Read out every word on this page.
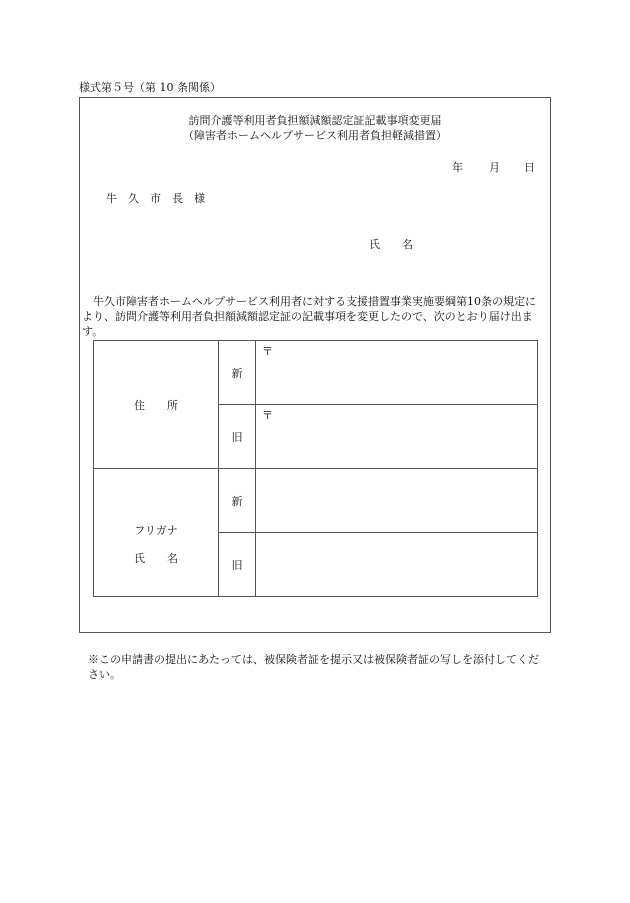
様式第５号（第 10 条関係）
訪問介護等利用者負担額減額認定証記載事項変更届
（障害者ホームヘルプサービス利用者負担軽減措置）
年 月 日
牛久市長様
氏　　名
牛久市障害者ホームヘルプサービス利用者に対する支援措置事業実施要綱第10条の規定により、訪問介護等利用者負担額減額認定証の記載事項を変更したので、次のとおり届け出ます。
住　　所	新	〒
	旧	〒

フリガナ
氏　　名	新	
	旧	
※この申請書の提出にあたっては、被保険者証を提示又は被保険者証の写しを添付してください。
